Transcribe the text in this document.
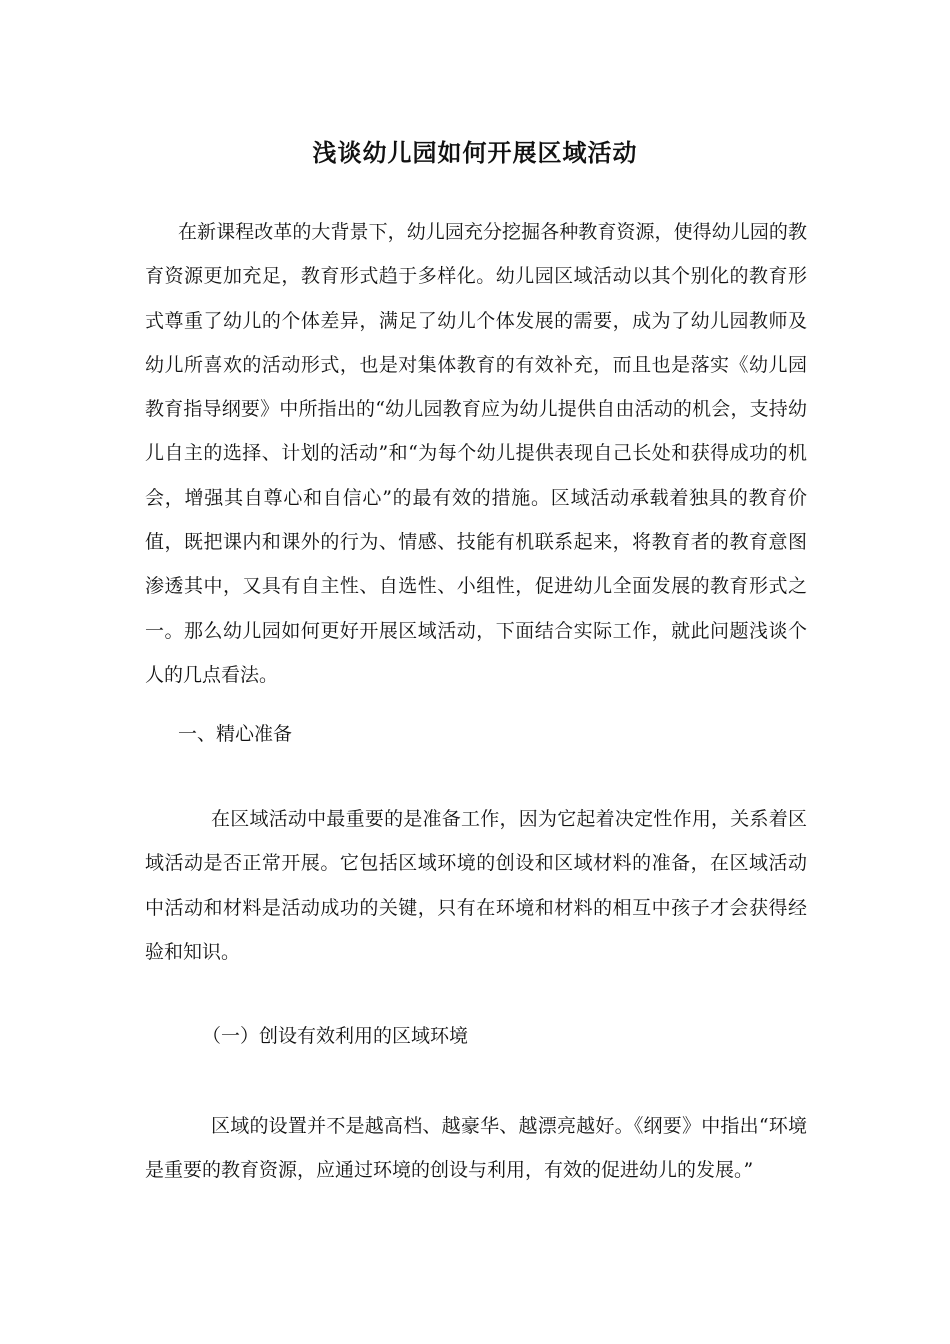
浅谈幼儿园如何开展区域活动

在新课程改革的大背景下，幼儿园充分挖掘各种教育资源，使得幼儿园的教育资源更加充足，教育形式趋于多样化。幼儿园区域活动以其个别化的教育形式尊重了幼儿的个体差异，满足了幼儿个体发展的需要，成为了幼儿园教师及幼儿所喜欢的活动形式，也是对集体教育的有效补充，而且也是落实《幼儿园教育指导纲要》中所指出的“幼儿园教育应为幼儿提供自由活动的机会，支持幼儿自主的选择、计划的活动”和“为每个幼儿提供表现自己长处和获得成功的机会，增强其自尊心和自信心”的最有效的措施。区域活动承载着独具的教育价值，既把课内和课外的行为、情感、技能有机联系起来，将教育者的教育意图渗透其中，又具有自主性、自选性、小组性，促进幼儿全面发展的教育形式之一。那么幼儿园如何更好开展区域活动，下面结合实际工作，就此问题浅谈个人的几点看法。

一、精心准备

在区域活动中最重要的是准备工作，因为它起着决定性作用，关系着区域活动是否正常开展。它包括区域环境的创设和区域材料的准备，在区域活动中活动和材料是活动成功的关键，只有在环境和材料的相互中孩子才会获得经验和知识。

（一）创设有效利用的区域环境

区域的设置并不是越高档、越豪华、越漂亮越好。《纲要》中指出“环境是重要的教育资源，应通过环境的创设与利用，有效的促进幼儿的发展。”
